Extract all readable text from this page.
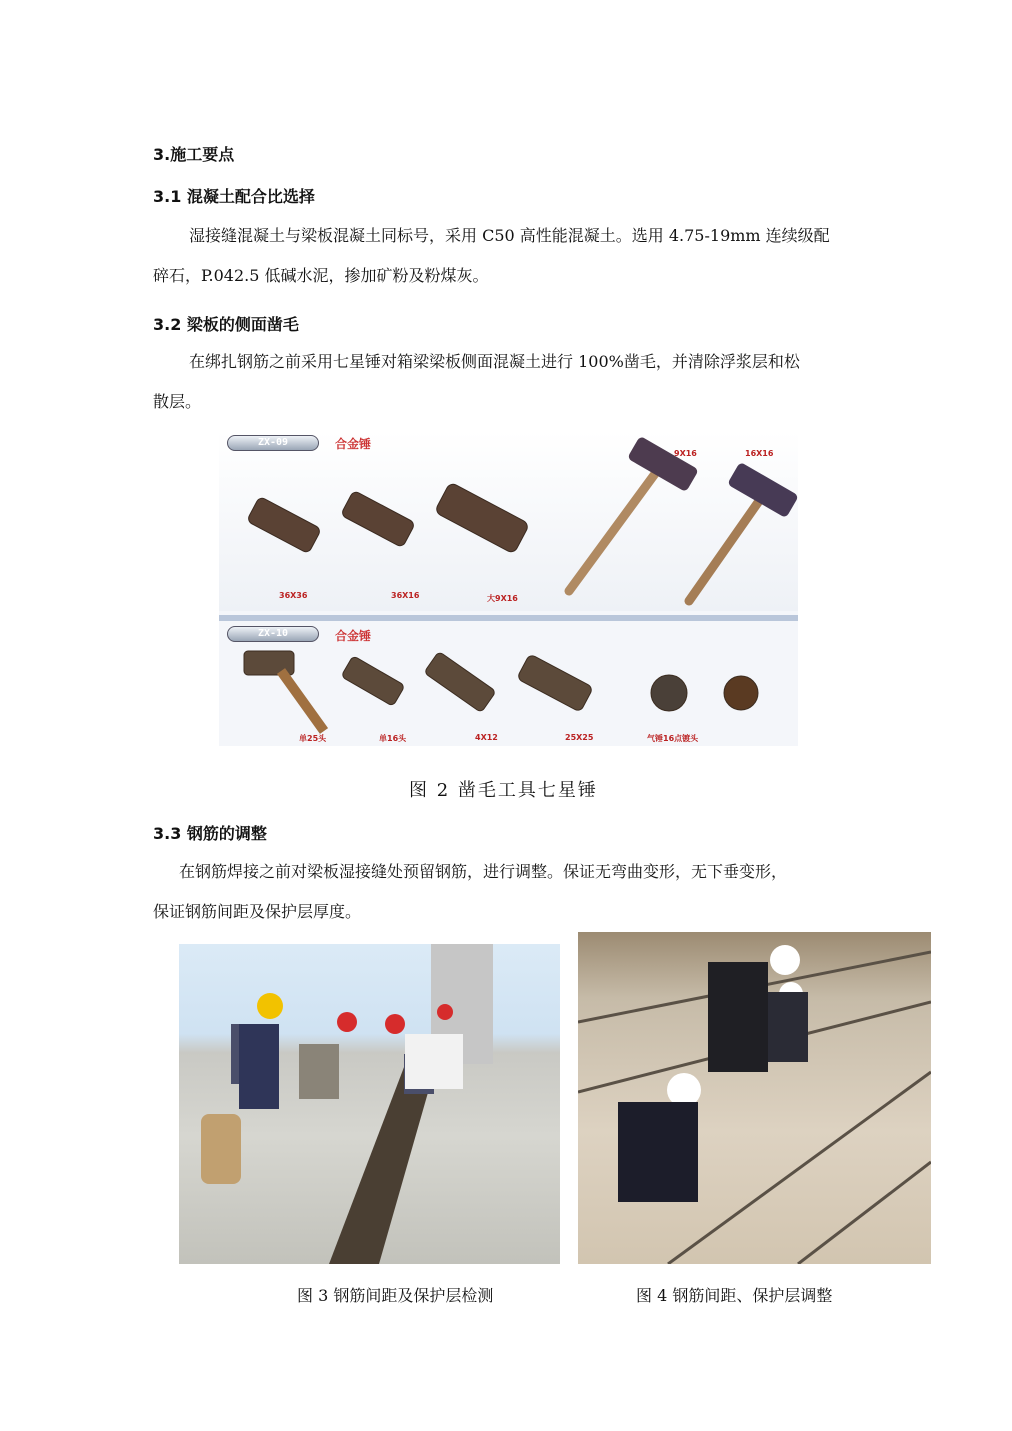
3.施工要点
3.1 混凝土配合比选择
湿接缝混凝土与梁板混凝土同标号，采用 C50 高性能混凝土。选用 4.75-19mm 连续级配
碎石，P.042.5 低碱水泥，掺加矿粉及粉煤灰。
3.2 梁板的侧面凿毛
在绑扎钢筋之前采用七星锤对箱梁梁板侧面混凝土进行 100%凿毛，并清除浮浆层和松
散层。
ZX-09	合金锤
36X36	36X16	大9X16
9X16	16X16
ZX-10	合金锤
单25头	单16头	4X12	25X25	气锤16点镀头
图 2 凿毛工具七星锤
3.3 钢筋的调整
在钢筋焊接之前对梁板湿接缝处预留钢筋，进行调整。保证无弯曲变形，无下垂变形，
保证钢筋间距及保护层厚度。
图 3 钢筋间距及保护层检测	图 4 钢筋间距、保护层调整
